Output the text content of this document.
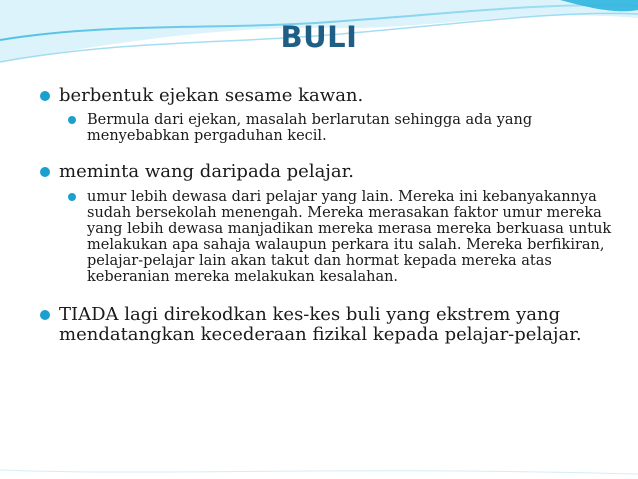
BULI
berbentuk ejekan sesame kawan.
Bermula dari ejekan, masalah berlarutan sehingga ada yang menyebabkan pergaduhan kecil.
meminta wang daripada pelajar.
umur lebih dewasa dari pelajar yang lain. Mereka ini kebanyakannya sudah bersekolah menengah. Mereka merasakan faktor umur mereka yang lebih dewasa manjadikan mereka merasa mereka berkuasa untuk melakukan apa sahaja walaupun perkara itu salah. Mereka berfikiran, pelajar-pelajar lain akan takut dan hormat kepada mereka atas keberanian mereka melakukan kesalahan.
TIADA lagi direkodkan kes-kes buli yang ekstrem yang mendatangkan kecederaan fizikal kepada pelajar-pelajar.
